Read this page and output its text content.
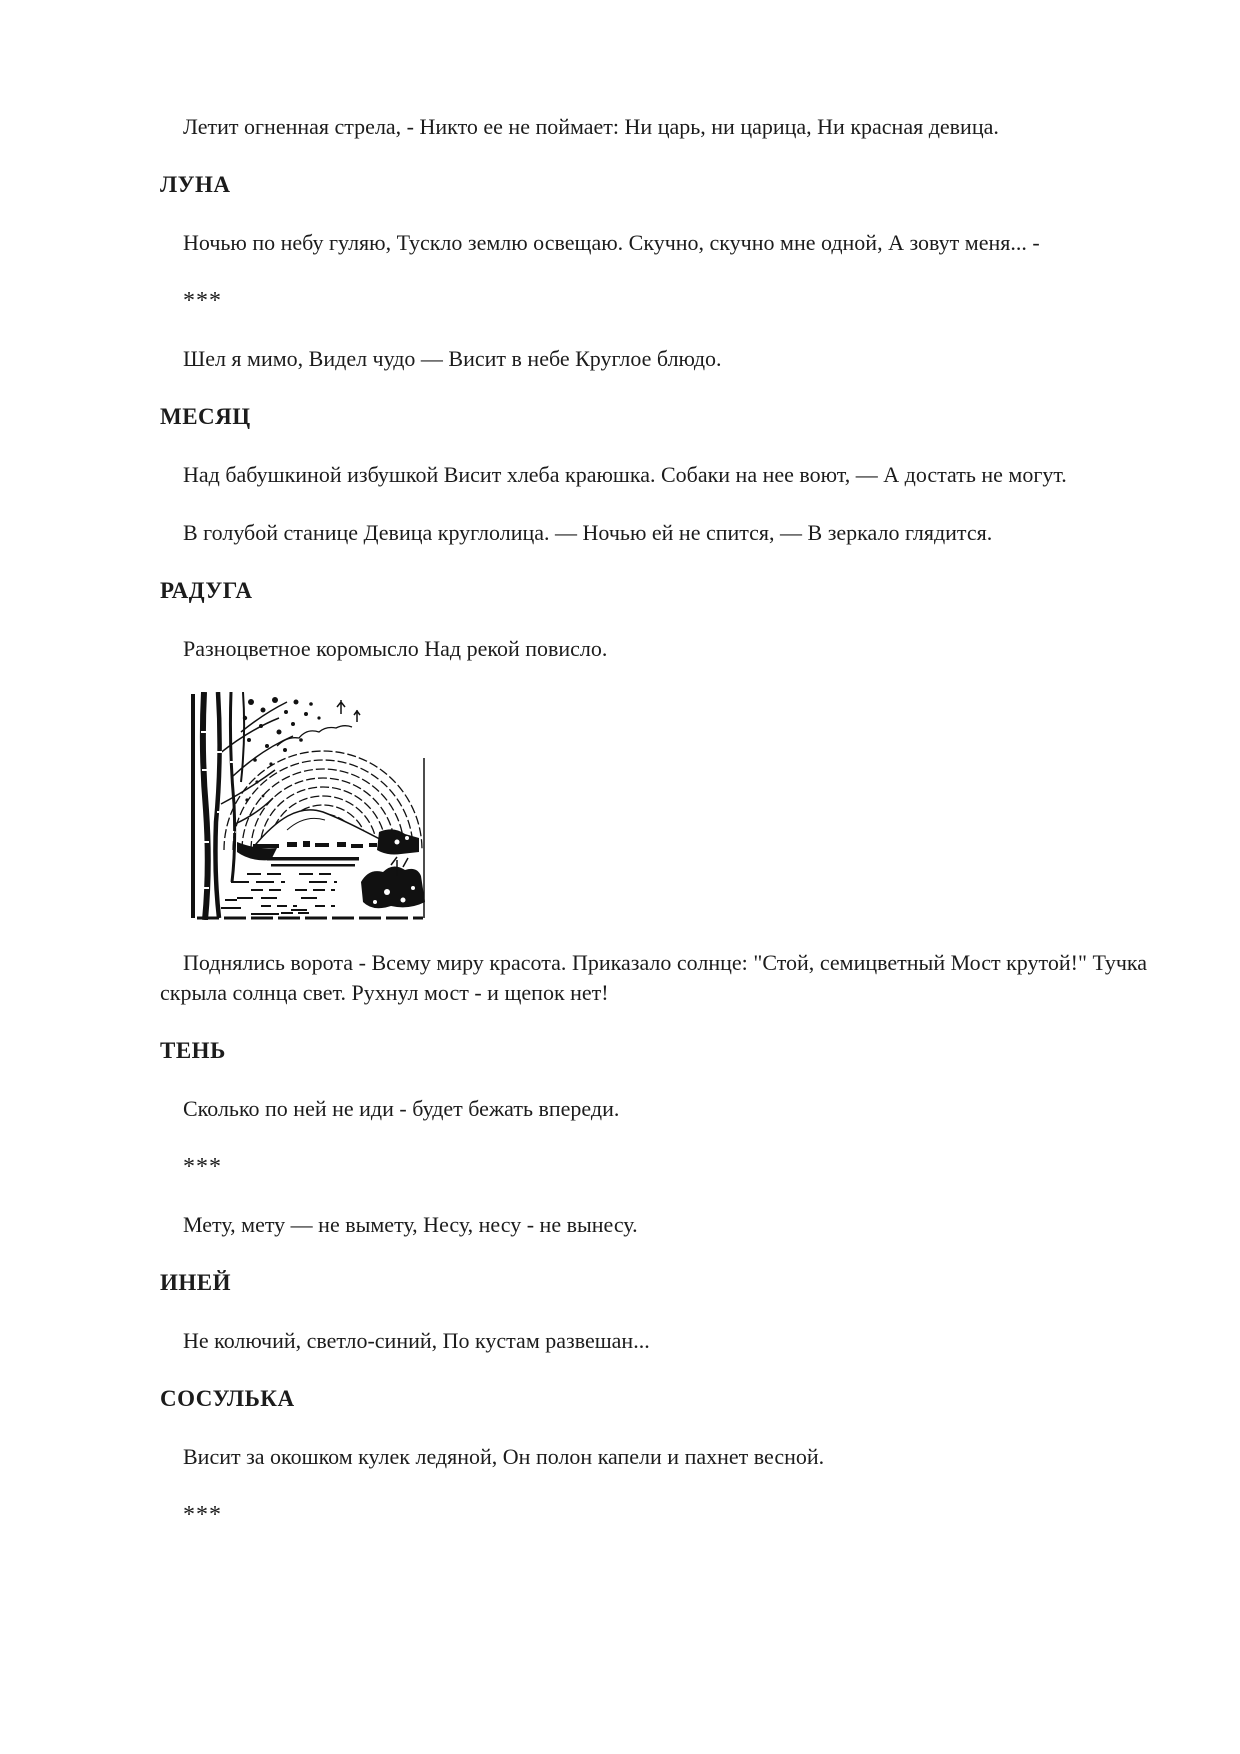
Летит огненная стрела, - Никто ее не поймает: Ни царь, ни царица, Ни красная девица.

ЛУНА

Ночью по небу гуляю, Тускло землю освещаю. Скучно, скучно мне одной, А зовут меня... -

***

Шел я мимо, Видел чудо — Висит в небе Круглое блюдо.

МЕСЯЦ

Над бабушкиной избушкой Висит хлеба краюшка. Собаки на нее воют, — А достать не могут.

В голубой станице Девица круглолица. — Ночью ей не спится, — В зеркало глядится.

РАДУГА

Разноцветное коромысло Над рекой повисло.

Поднялись ворота - Всему миру красота. Приказало солнце: "Стой, семицветный Мост крутой!" Тучка скрыла солнца свет. Рухнул мост - и щепок нет!

ТЕНЬ

Сколько по ней не иди - будет бежать впереди.

***

Мету, мету — не вымету, Несу, несу - не вынесу.

ИНЕЙ

Не колючий, светло-синий, По кустам развешан...

СОСУЛЬКА

Висит за окошком кулек ледяной, Он полон капели и пахнет весной.

***
